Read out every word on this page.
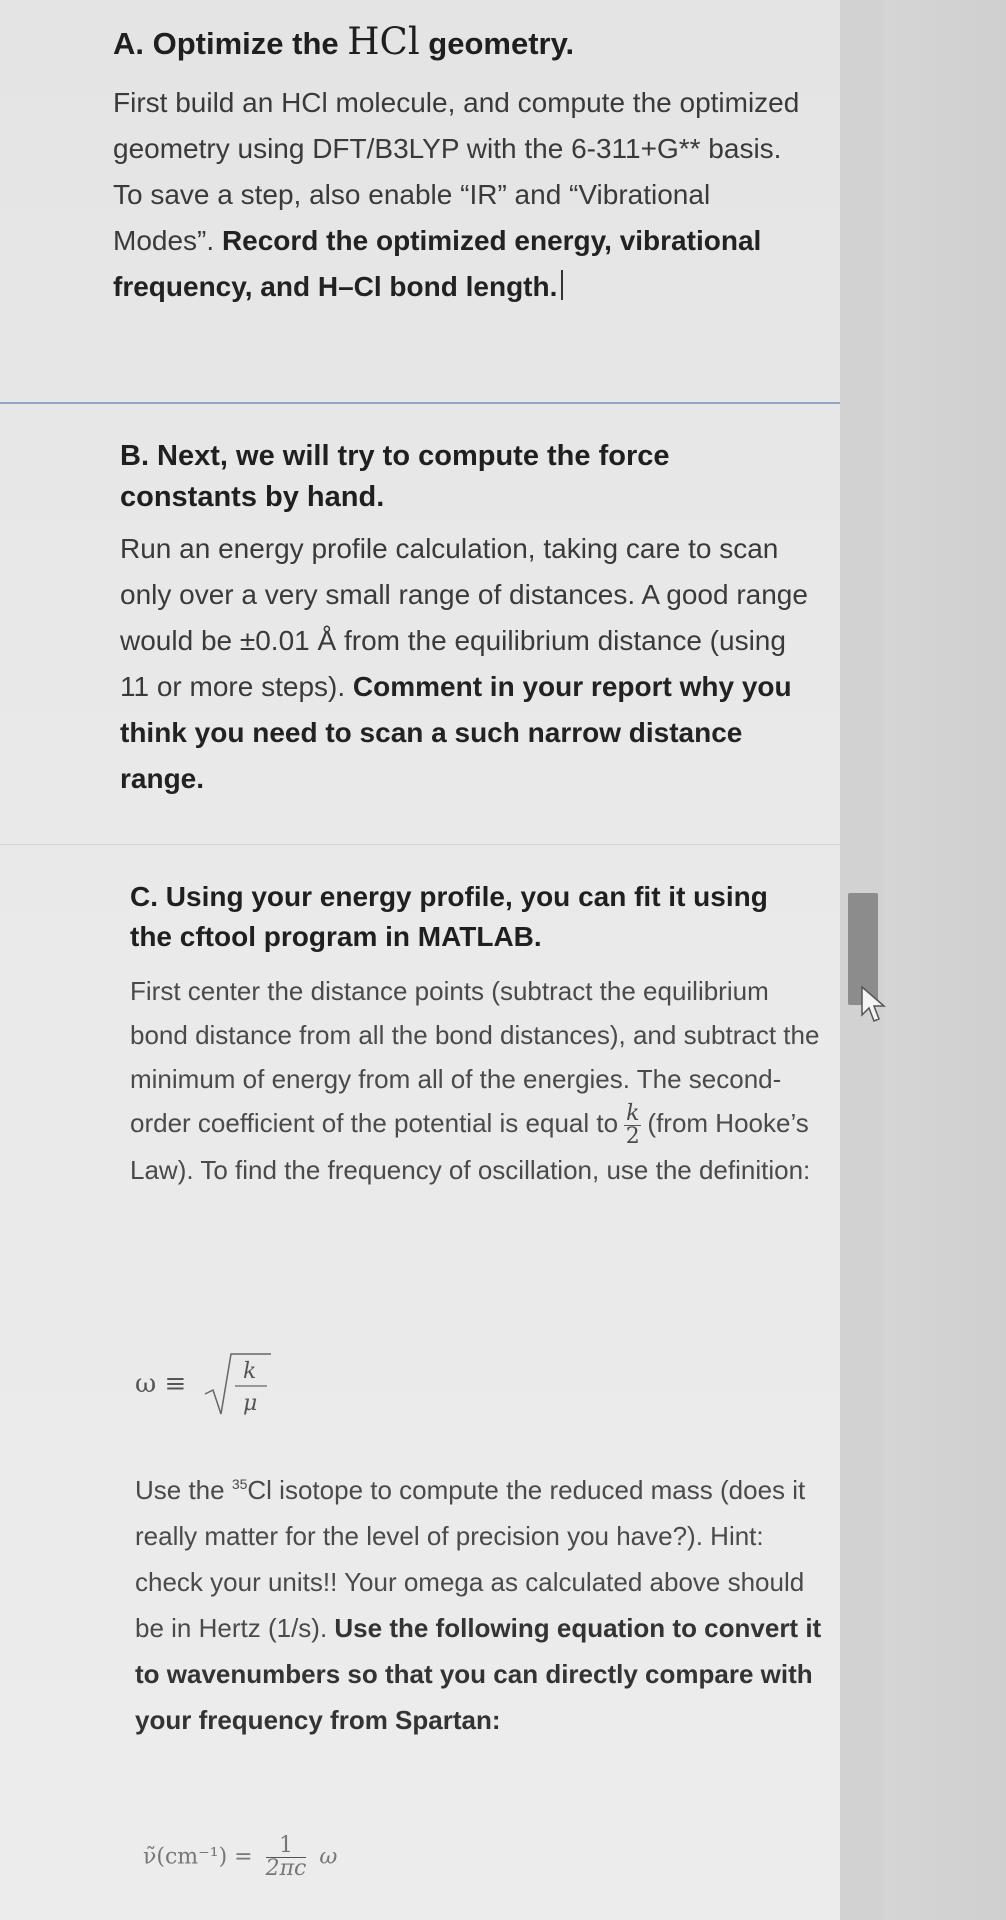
A. Optimize the HCl geometry.

First build an HCl molecule, and compute the optimized geometry using DFT/B3LYP with the 6-311+G** basis. To save a step, also enable “IR” and “Vibrational Modes”. Record the optimized energy, vibrational frequency, and H–Cl bond length.

B. Next, we will try to compute the force constants by hand.

Run an energy profile calculation, taking care to scan only over a very small range of distances. A good range would be ±0.01 Å from the equilibrium distance (using 11 or more steps). Comment in your report why you think you need to scan a such narrow distance range.

C. Using your energy profile, you can fit it using the cftool program in MATLAB.

First center the distance points (subtract the equilibrium bond distance from all the bond distances), and subtract the minimum of energy from all of the energies. The second-order coefficient of the potential is equal to $\frac{k}{2}$ (from Hooke’s Law). To find the frequency of oscillation, use the definition:

ω ≡	k
μ

Use the $^{35}$Cl isotope to compute the reduced mass (does it really matter for the level of precision you have?). Hint: check your units!! Your omega as calculated above should be in Hertz (1/s). Use the following equation to convert it to wavenumbers so that you can directly compare with your frequency from Spartan:

ν̃(cm⁻¹) = $\frac{1}{2\pi c}$ ω
